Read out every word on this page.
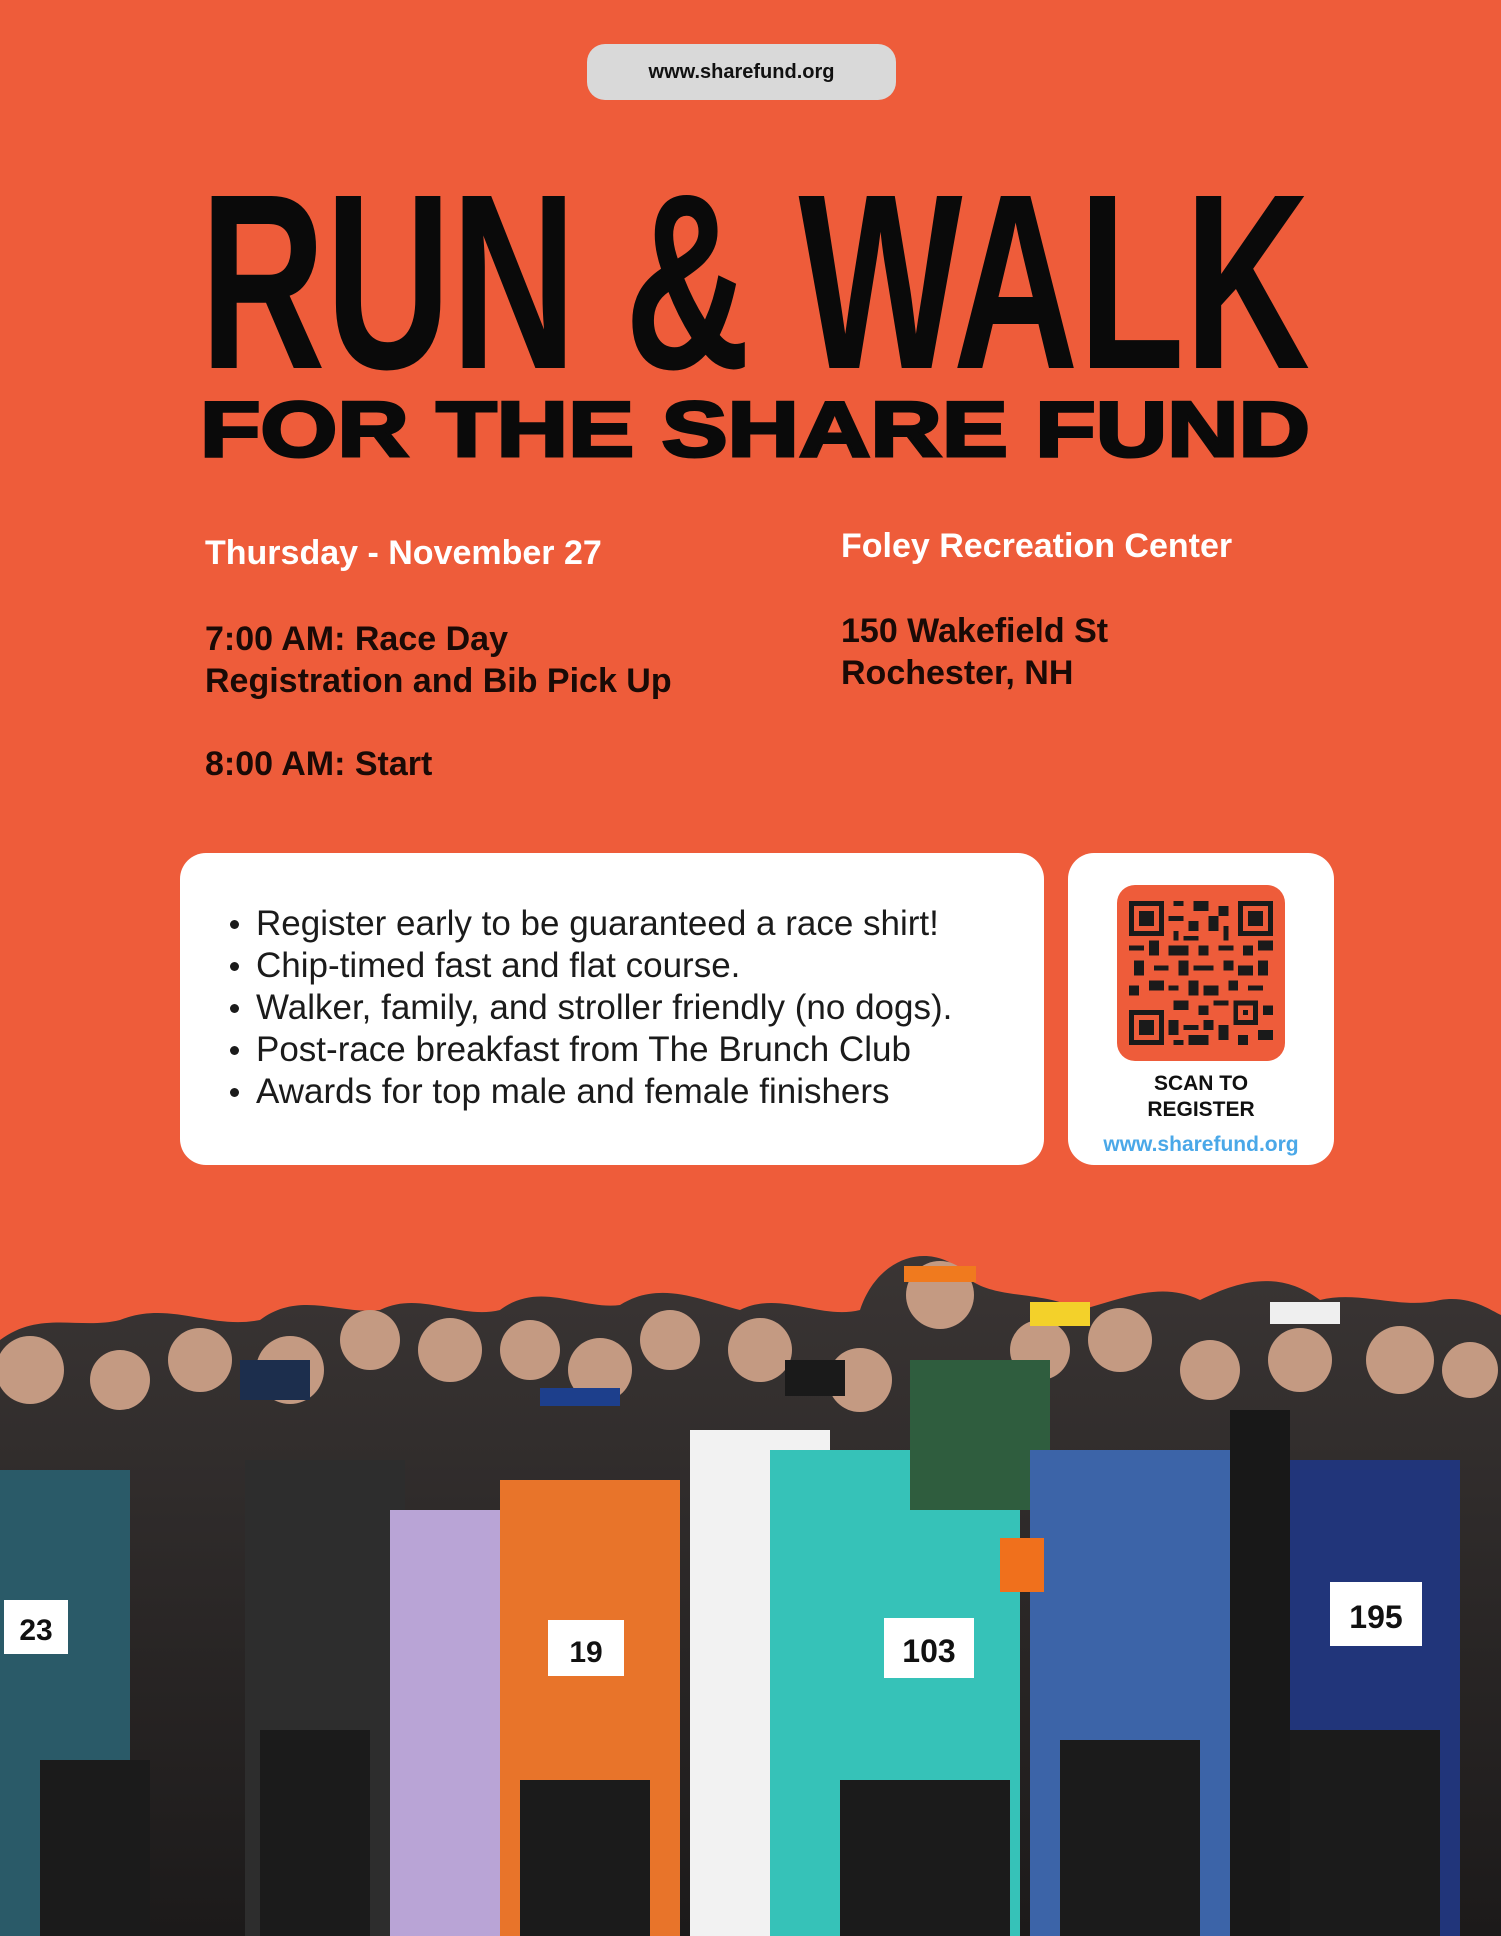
www.sharefund.org
RUN & WALK
FOR THE SHARE FUND
Thursday - November 27
7:00 AM: Race Day
Registration and Bib Pick Up
8:00 AM: Start
Foley Recreation Center
150 Wakefield St
Rochester, NH
Register early to be guaranteed a race shirt!
Chip-timed fast and flat course.
Walker, family, and stroller friendly (no dogs).
Post-race breakfast from The Brunch Club
Awards for top male and female finishers	SCAN TO REGISTER
www.sharefund.org
23
19	103
195
